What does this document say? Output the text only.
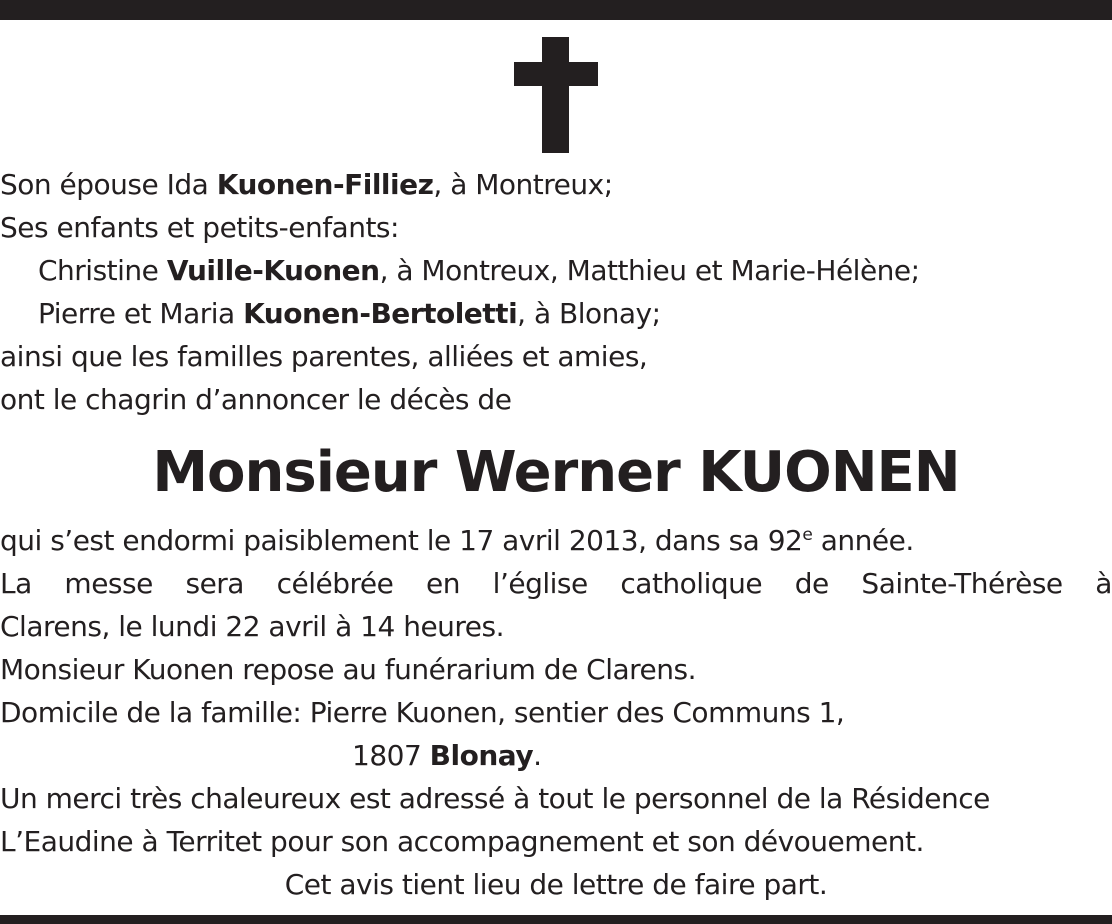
Son épouse Ida Kuonen-Filliez, à Montreux;
Ses enfants et petits-enfants:
Christine Vuille-Kuonen, à Montreux, Matthieu et Marie-Hélène;
Pierre et Maria Kuonen-Bertoletti, à Blonay;
ainsi que les familles parentes, alliées et amies,
ont le chagrin d’annoncer le décès de
Monsieur Werner KUONEN
qui s’est endormi paisiblement le 17 avril 2013, dans sa 92e année.
La messe sera célébrée en l’église catholique de Sainte-Thérèse à
Clarens, le lundi 22 avril à 14 heures.
Monsieur Kuonen repose au funérarium de Clarens.
Domicile de la famille: Pierre Kuonen, sentier des Communs 1,
1807 Blonay.
Un merci très chaleureux est adressé à tout le personnel de la Résidence
L’Eaudine à Territet pour son accompagnement et son dévouement.
Cet avis tient lieu de lettre de faire part.
